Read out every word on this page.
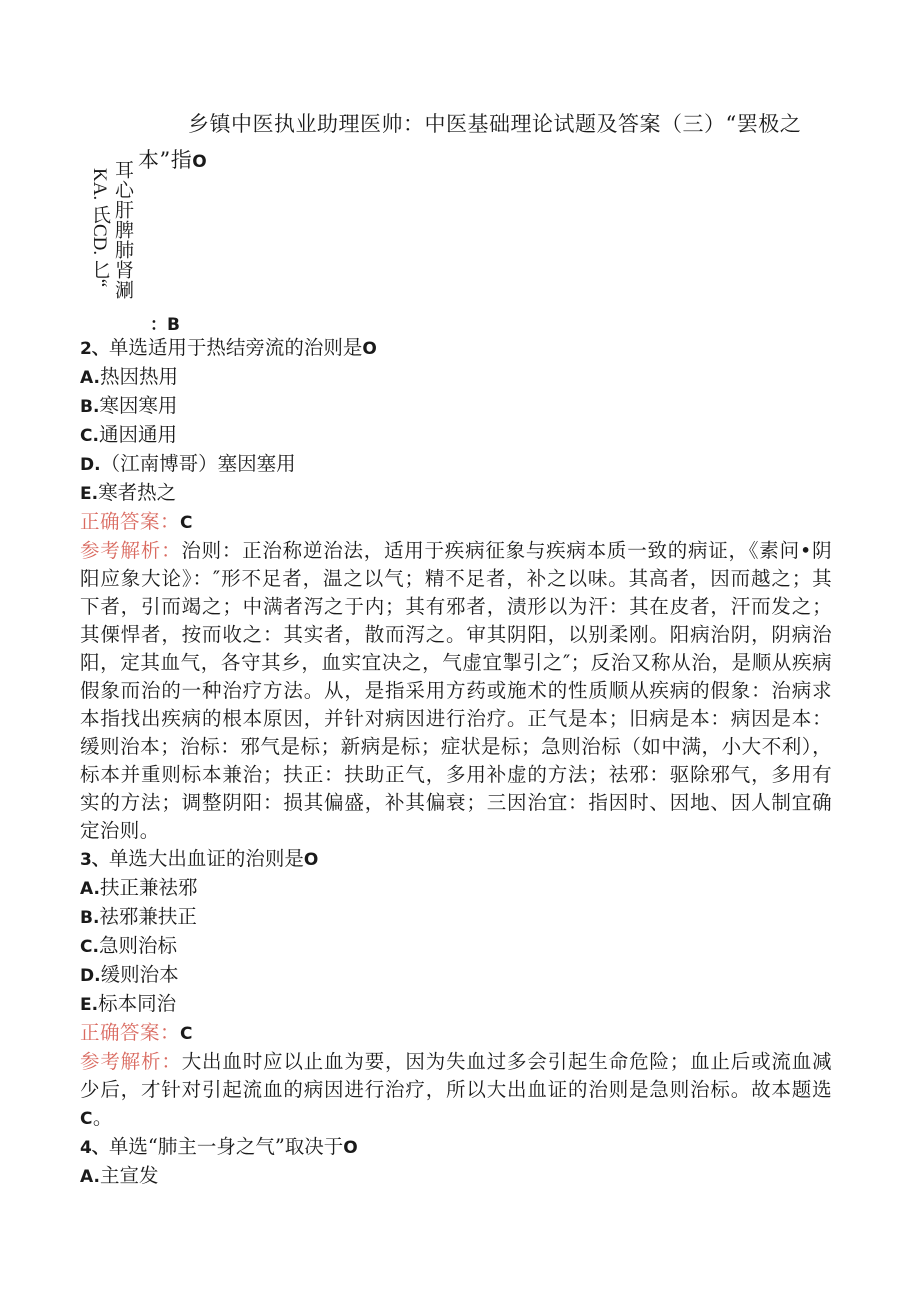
乡镇中医执业助理医帅：中医基础理论试题及答案（三）“罢极之
本”指O
耳心肝脾肺肾涮
KA. 氏CD. 匕“
：B

2、单选适用于热结旁流的治则是O

A.热因热用

B.寒因寒用

C.通因通用

D.（江南博哥）塞因塞用

E.寒者热之

正确答案：C

参考解析：治则：正治称逆治法，适用于疾病征象与疾病本质一致的病证，《素问•阴阳应象大论》：″形不足者，温之以气；精不足者，补之以味。其高者，因而越之；其下者，引而竭之；中满者泻之于内；其有邪者，渍形以为汗：其在皮者，汗而发之；其傈悍者，按而收之：其实者，散而泻之。审其阴阳，以别柔刚。阳病治阴，阴病治阳，定其血气，各守其乡，血实宜决之，气虚宜掣引之″；反治又称从治，是顺从疾病假象而治的一种治疗方法。从，是指采用方药或施术的性质顺从疾病的假象：治病求本指找出疾病的根本原因，并针对病因进行治疗。正气是本；旧病是本：病因是本：缓则治本；治标：邪气是标；新病是标；症状是标；急则治标（如中满，小大不利），标本并重则标本兼治；扶正：扶助正气，多用补虚的方法；祛邪：驱除邪气，多用有实的方法；调整阴阳：损其偏盛，补其偏衰；三因治宜：指因时、因地、因人制宜确定治则。

3、单选大出血证的治则是O

A.扶正兼祛邪

B.祛邪兼扶正

C.急则治标

D.缓则治本

E.标本同治

正确答案：C

参考解析：大出血时应以止血为要，因为失血过多会引起生命危险；血止后或流血减少后，才针对引起流血的病因进行治疗，所以大出血证的治则是急则治标。故本题选C。

4、单选“肺主一身之气”取决于O

A.主宣发
